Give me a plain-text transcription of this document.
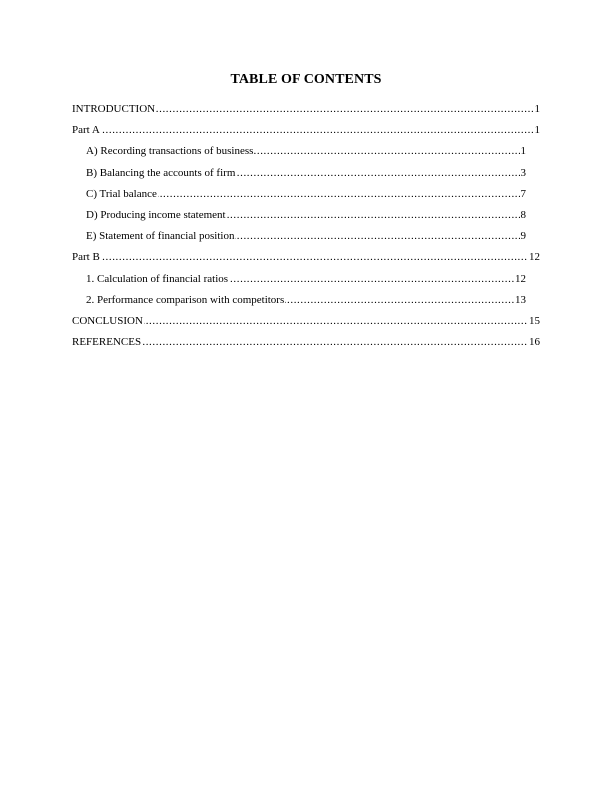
TABLE OF CONTENTS
.....
INTRODUCTION	1
.....
Part A	1
.....
A) Recording transactions of business	1
.....
B) Balancing the accounts of firm	3
.....
C) Trial balance	7
.....
D) Producing income statement	8
.....
E) Statement of financial position	9
.....
Part B	12
.....
1. Calculation of financial ratios	12
.....
2. Performance comparison with competitors	13
.....
CONCLUSION	15
.....
REFERENCES	16
